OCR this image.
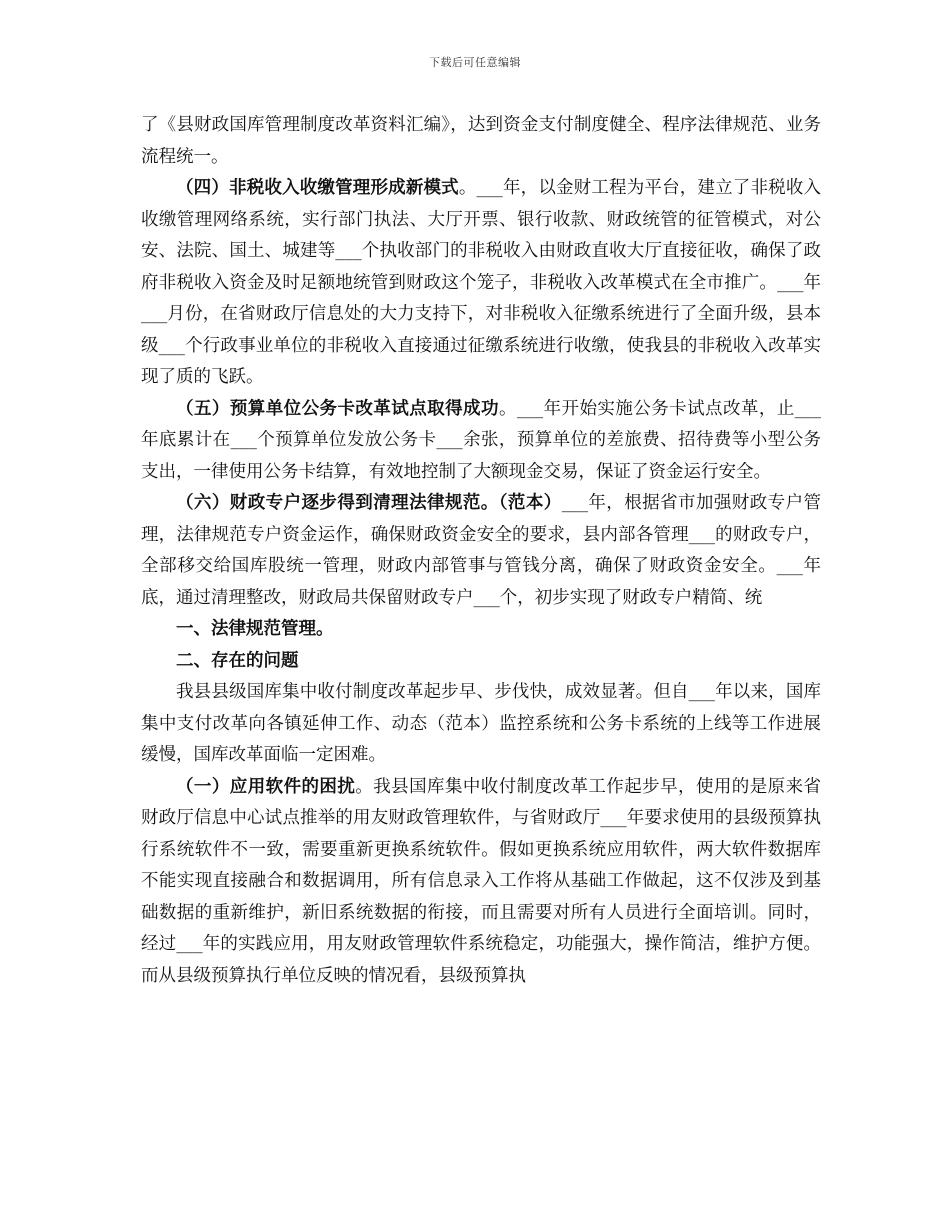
下载后可任意编辑

了《县财政国库管理制度改革资料汇编》，达到资金支付制度健全、程序法律规范、业务流程统一。

（四）非税收入收缴管理形成新模式。___年，以金财工程为平台，建立了非税收入收缴管理网络系统，实行部门执法、大厅开票、银行收款、财政统管的征管模式，对公安、法院、国土、城建等___个执收部门的非税收入由财政直收大厅直接征收，确保了政府非税收入资金及时足额地统管到财政这个笼子，非税收入改革模式在全市推广。___年___月份，在省财政厅信息处的大力支持下，对非税收入征缴系统进行了全面升级，县本级___个行政事业单位的非税收入直接通过征缴系统进行收缴，使我县的非税收入改革实现了质的飞跃。

（五）预算单位公务卡改革试点取得成功。___年开始实施公务卡试点改革，止___年底累计在___个预算单位发放公务卡___余张，预算单位的差旅费、招待费等小型公务支出，一律使用公务卡结算，有效地控制了大额现金交易，保证了资金运行安全。

（六）财政专户逐步得到清理法律规范。（范本）___年，根据省市加强财政专户管理，法律规范专户资金运作，确保财政资金安全的要求，县内部各管理___的财政专户，全部移交给国库股统一管理，财政内部管事与管钱分离，确保了财政资金安全。___年底，通过清理整改，财政局共保留财政专户___个，初步实现了财政专户精简、统

一、法律规范管理。

二、存在的问题

我县县级国库集中收付制度改革起步早、步伐快，成效显著。但自___年以来，国库集中支付改革向各镇延伸工作、动态（范本）监控系统和公务卡系统的上线等工作进展缓慢，国库改革面临一定困难。

（一）应用软件的困扰。我县国库集中收付制度改革工作起步早，使用的是原来省财政厅信息中心试点推举的用友财政管理软件，与省财政厅___年要求使用的县级预算执行系统软件不一致，需要重新更换系统软件。假如更换系统应用软件，两大软件数据库不能实现直接融合和数据调用，所有信息录入工作将从基础工作做起，这不仅涉及到基础数据的重新维护，新旧系统数据的衔接，而且需要对所有人员进行全面培训。同时，经过___年的实践应用，用友财政管理软件系统稳定，功能强大，操作简洁，维护方便。而从县级预算执行单位反映的情况看，县级预算执
